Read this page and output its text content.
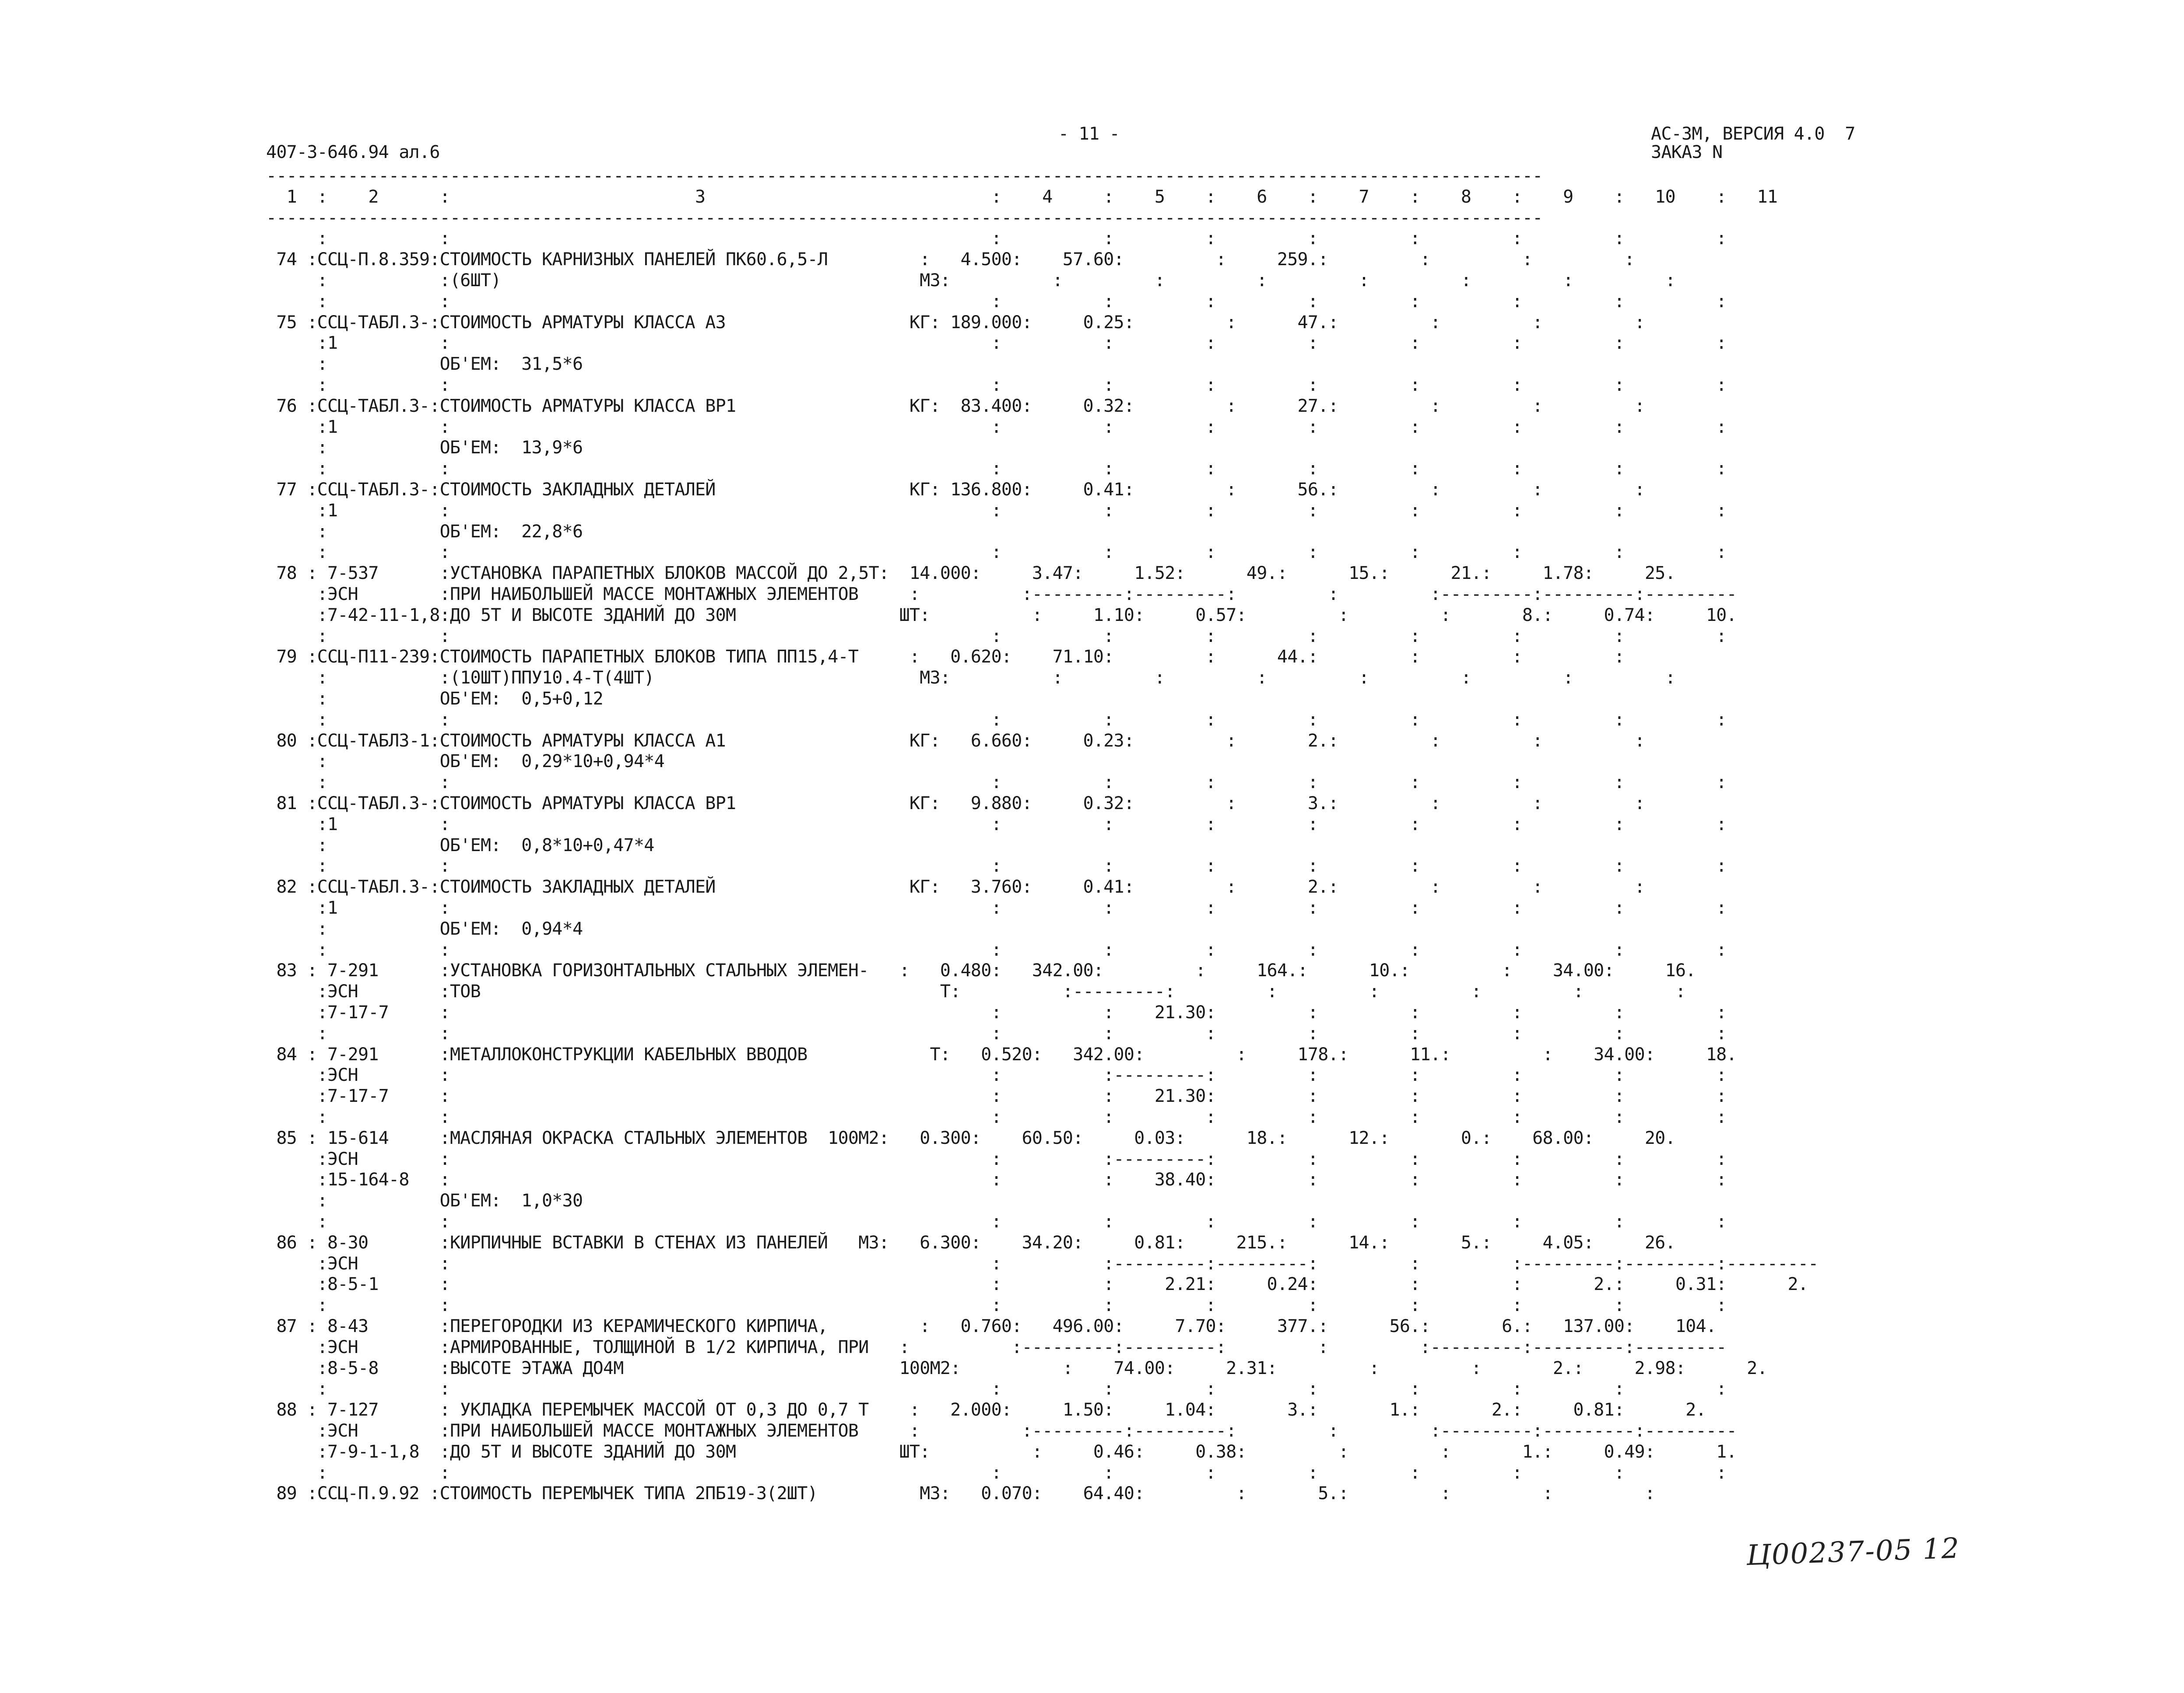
407-3-646.94 ал.6
- 11 -	АС-3М, ВЕРСИЯ 4.0  7
ЗАКАЗ N
-----------------------------------------------------------------------------------------------------------------------------
1  :    2      :                        3                            :    4     :    5    :    6    :    7    :    8    :    9    :   10    :   11
-----------------------------------------------------------------------------------------------------------------------------
:           :                                                     :          :         :         :         :         :         :         :
74 :ССЦ-П.8.359:СТОИМОСТЬ КАРНИЗНЫХ ПАНЕЛЕЙ ПК60.6,5-Л         :   4.500:    57.60:         :     259.:         :         :         :
:           :(6ШТ)                                         М3:          :         :         :         :         :         :         :
:           :                                                     :          :         :         :         :         :         :         :
75 :ССЦ-ТАБЛ.3-:СТОИМОСТЬ АРМАТУРЫ КЛАССА А3                  КГ: 189.000:     0.25:         :      47.:         :         :         :
:1          :                                                     :          :         :         :         :         :         :         :
:           ОБ'ЕМ:  31,5*6
:           :                                                     :          :         :         :         :         :         :         :
76 :ССЦ-ТАБЛ.3-:СТОИМОСТЬ АРМАТУРЫ КЛАССА ВР1                 КГ:  83.400:     0.32:         :      27.:         :         :         :
:1          :                                                     :          :         :         :         :         :         :         :
:           ОБ'ЕМ:  13,9*6
:           :                                                     :          :         :         :         :         :         :         :
77 :ССЦ-ТАБЛ.3-:СТОИМОСТЬ ЗАКЛАДНЫХ ДЕТАЛЕЙ                   КГ: 136.800:     0.41:         :      56.:         :         :         :
:1          :                                                     :          :         :         :         :         :         :         :
:           ОБ'ЕМ:  22,8*6
:           :                                                     :          :         :         :         :         :         :         :
78 : 7-537      :УСТАНОВКА ПАРАПЕТНЫХ БЛОКОВ МАССОЙ ДО 2,5Т:  14.000:     3.47:     1.52:      49.:      15.:      21.:     1.78:     25.
:ЭСН        :ПРИ НАИБОЛЬШЕЙ МАССЕ МОНТАЖНЫХ ЭЛЕМЕНТОВ     :          :---------:---------:         :         :---------:---------:---------
:7-42-11-1,8:ДО 5Т И ВЫСОТЕ ЗДАНИЙ ДО 30М                ШТ:          :     1.10:     0.57:         :         :       8.:     0.74:     10.
:           :                                                     :          :         :         :         :         :         :         :
79 :ССЦ-П11-239:СТОИМОСТЬ ПАРАПЕТНЫХ БЛОКОВ ТИПА ПП15,4-Т     :   0.620:    71.10:         :      44.:         :         :         :
:           :(10ШТ)ППУ10.4-Т(4ШТ)                          М3:          :         :         :         :         :         :         :
:           ОБ'ЕМ:  0,5+0,12
:           :                                                     :          :         :         :         :         :         :         :
80 :ССЦ-ТАБЛ3-1:СТОИМОСТЬ АРМАТУРЫ КЛАССА А1                  КГ:   6.660:     0.23:         :       2.:         :         :         :
:           ОБ'ЕМ:  0,29*10+0,94*4
:           :                                                     :          :         :         :         :         :         :         :
81 :ССЦ-ТАБЛ.3-:СТОИМОСТЬ АРМАТУРЫ КЛАССА ВР1                 КГ:   9.880:     0.32:         :       3.:         :         :         :
:1          :                                                     :          :         :         :         :         :         :         :
:           ОБ'ЕМ:  0,8*10+0,47*4
:           :                                                     :          :         :         :         :         :         :         :
82 :ССЦ-ТАБЛ.3-:СТОИМОСТЬ ЗАКЛАДНЫХ ДЕТАЛЕЙ                   КГ:   3.760:     0.41:         :       2.:         :         :         :
:1          :                                                     :          :         :         :         :         :         :         :
:           ОБ'ЕМ:  0,94*4
:           :                                                     :          :         :         :         :         :         :         :
83 : 7-291      :УСТАНОВКА ГОРИЗОНТАЛЬНЫХ СТАЛЬНЫХ ЭЛЕМЕН-   :   0.480:   342.00:         :     164.:      10.:         :    34.00:     16.
:ЭСН        :ТОВ                                             Т:          :---------:         :         :         :         :         :
:7-17-7     :                                                     :          :    21.30:         :         :         :         :         :
:           :                                                     :          :         :         :         :         :         :         :
84 : 7-291      :МЕТАЛЛОКОНСТРУКЦИИ КАБЕЛЬНЫХ ВВОДОВ            Т:   0.520:   342.00:         :     178.:      11.:         :    34.00:     18.
:ЭСН        :                                                     :          :---------:         :         :         :         :         :
:7-17-7     :                                                     :          :    21.30:         :         :         :         :         :
:           :                                                     :          :         :         :         :         :         :         :
85 : 15-614     :МАСЛЯНАЯ ОКРАСКА СТАЛЬНЫХ ЭЛЕМЕНТОВ  100М2:   0.300:    60.50:     0.03:      18.:      12.:       0.:    68.00:     20.
:ЭСН        :                                                     :          :---------:         :         :         :         :         :
:15-164-8   :                                                     :          :    38.40:         :         :         :         :         :
:           ОБ'ЕМ:  1,0*30
:           :                                                     :          :         :         :         :         :         :         :
86 : 8-30       :КИРПИЧНЫЕ ВСТАВКИ В СТЕНАХ ИЗ ПАНЕЛЕЙ   М3:   6.300:    34.20:     0.81:     215.:      14.:       5.:     4.05:     26.
:ЭСН        :                                                     :          :---------:---------:         :         :---------:---------:---------
:8-5-1      :                                                     :          :     2.21:     0.24:         :         :       2.:     0.31:      2.
:           :                                                     :          :         :         :         :         :         :         :
87 : 8-43       :ПЕРЕГОРОДКИ ИЗ КЕРАМИЧЕСКОГО КИРПИЧА,         :   0.760:   496.00:     7.70:     377.:      56.:       6.:   137.00:    104.
:ЭСН        :АРМИРОВАННЫЕ, ТОЛЩИНОЙ В 1/2 КИРПИЧА, ПРИ   :          :---------:---------:         :         :---------:---------:---------
:8-5-8      :ВЫСОТЕ ЭТАЖА ДО4М                           100М2:          :    74.00:     2.31:         :         :       2.:     2.98:      2.
:           :                                                     :          :         :         :         :         :         :         :
88 : 7-127      : УКЛАДКА ПЕРЕМЫЧЕК МАССОЙ ОТ 0,3 ДО 0,7 Т    :   2.000:     1.50:     1.04:       3.:       1.:       2.:     0.81:      2.
:ЭСН        :ПРИ НАИБОЛЬШЕЙ МАССЕ МОНТАЖНЫХ ЭЛЕМЕНТОВ     :          :---------:---------:         :         :---------:---------:---------
:7-9-1-1,8  :ДО 5Т И ВЫСОТЕ ЗДАНИЙ ДО 30М                ШТ:          :     0.46:     0.38:         :         :       1.:     0.49:      1.
:           :                                                     :          :         :         :         :         :         :         :
89 :ССЦ-П.9.92 :СТОИМОСТЬ ПЕРЕМЫЧЕК ТИПА 2ПБ19-3(2ШТ)          М3:   0.070:    64.40:         :       5.:         :         :         :
Ц00237-05 12
